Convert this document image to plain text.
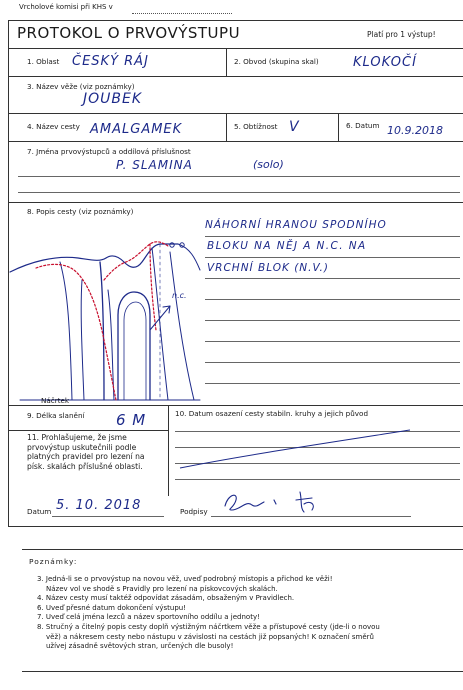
Vrcholové komisi při KHS v
PROTOKOL O PRVOVÝSTUPU	Platí pro 1 výstup!
1. Oblast ČESKÝ RÁJ	2. Obvod (skupina skal)	KLOKOČÍ
3. Název věže (viz poznámky)
JOUBEK
4. Název cesty AMALGAMEK	5. Obtížnost V	6. Datum 10.9.2018
7. Jména prvovýstupců a oddílová příslušnost
P. SLAMINA	(solo)
8. Popis cesty (viz poznámky)
NÁHORNÍ HRANOU SPODNÍHO
BLOKU NA NĚJ A N.C. NA
VRCHNÍ BLOK (N.V.)
n.c.
Náčrtek
9. Délka slanění 6 M	10. Datum osazení cesty stabiln. kruhy a jejich původ
11. Prohlašujeme, že jsme prvovýstup uskutečnili podle platných pravidel pro lezení na písk. skalách příslušné oblasti.
Datum 5. 10. 2018	Podpisy
Poznámky:
3. Jedná-li se o prvovýstup na novou věž, uveď podrobný místopis a přichod ke věži!
Název vol ve shodě s Pravidly pro lezení na pískovcových skalách.
4. Název cesty musí taktéž odpovídat zásadám, obsaženým v Pravidlech.
6. Uveď přesné datum dokončení výstupu!
7. Uveď celá jména lezců a název sportovního oddílu a jednoty!
8. Stručný a čitelný popis cesty doplň výstižným náčrtkem věže a přístupové cesty (jde-li o novou
věž) a nákresem cesty nebo nástupu v závislosti na cestách již popsaných! K označení směrů
užívej zásadně světových stran, určených dle busoly!
